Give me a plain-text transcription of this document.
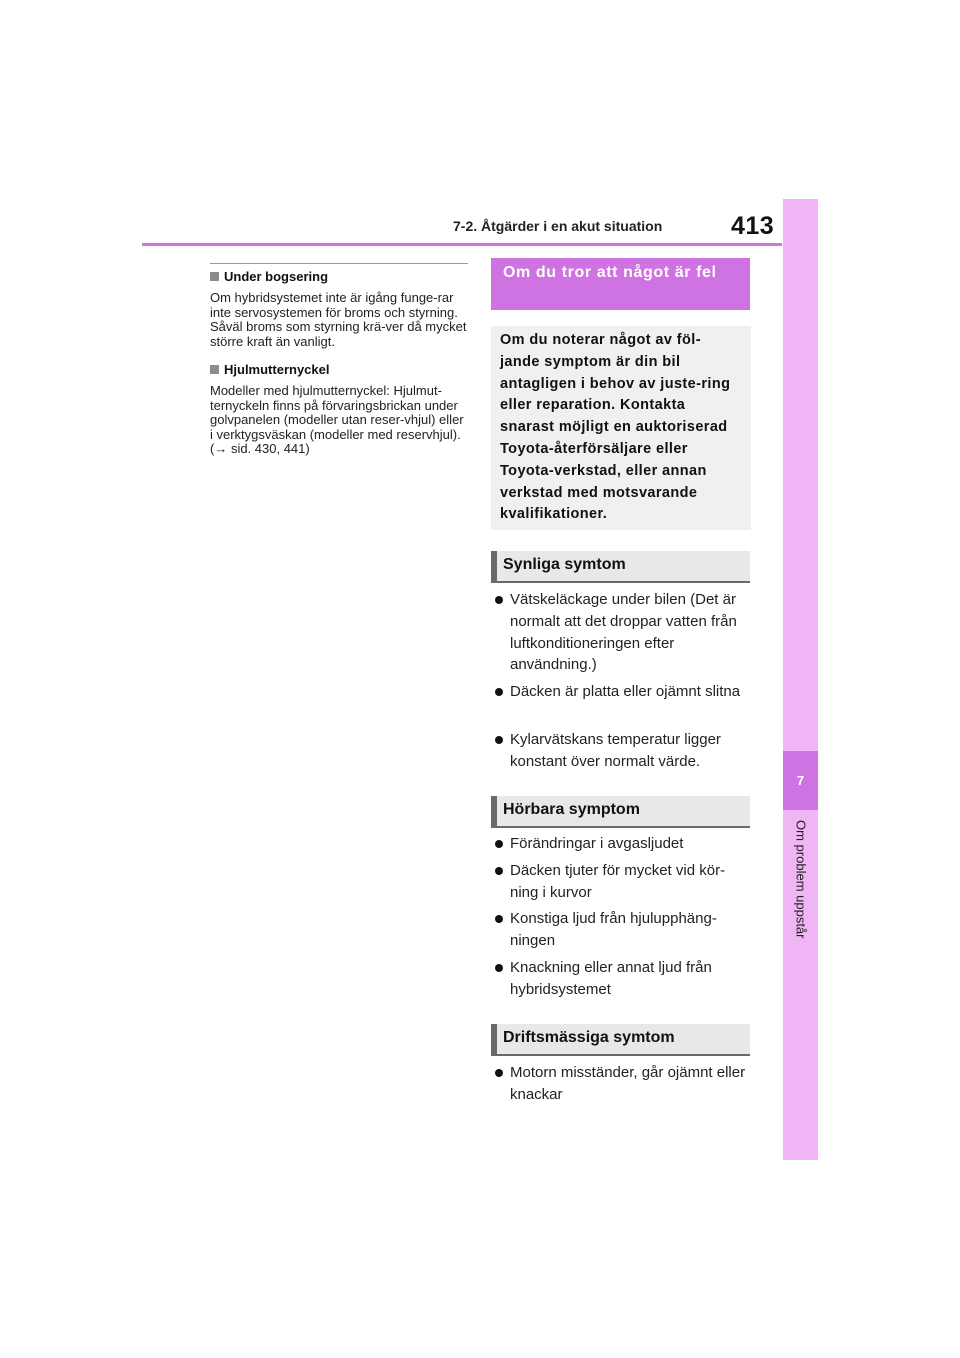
7-2. Åtgärder i en akut situation	413
7
Om problem uppstår
Under bogsering
Om hybridsystemet inte är igång funge-rar inte servosystemen för broms och styrning. Såväl broms som styrning krä-ver då mycket större kraft än vanligt.
Hjulmutternyckel
Modeller med hjulmutternyckel: Hjulmut-ternyckeln finns på förvaringsbrickan under golvpanelen (modeller utan reser-vhjul) eller i verktygsväskan (modeller med reservhjul). (→ sid. 430, 441)
Om du tror att något är fel
Om du noterar något av föl-jande symptom är din bil antagligen i behov av juste-ring eller reparation. Kontakta snarast möjligt en auktoriserad Toyota-återförsäljare eller Toyota-verkstad, eller annan verkstad med motsvarande kvalifikationer.
Synliga symtom
Vätskeläckage under bilen (Det är normalt att det droppar vatten från luftkonditioneringen efter användning.)
Däcken är platta eller ojämnt slitna
Kylarvätskans temperatur ligger konstant över normalt värde.
Hörbara symptom
Förändringar i avgasljudet
Däcken tjuter för mycket vid kör-ning i kurvor
Konstiga ljud från hjulupphäng-ningen
Knackning eller annat ljud från hybridsystemet
Driftsmässiga symtom
Motorn misständer, går ojämnt eller knackar
